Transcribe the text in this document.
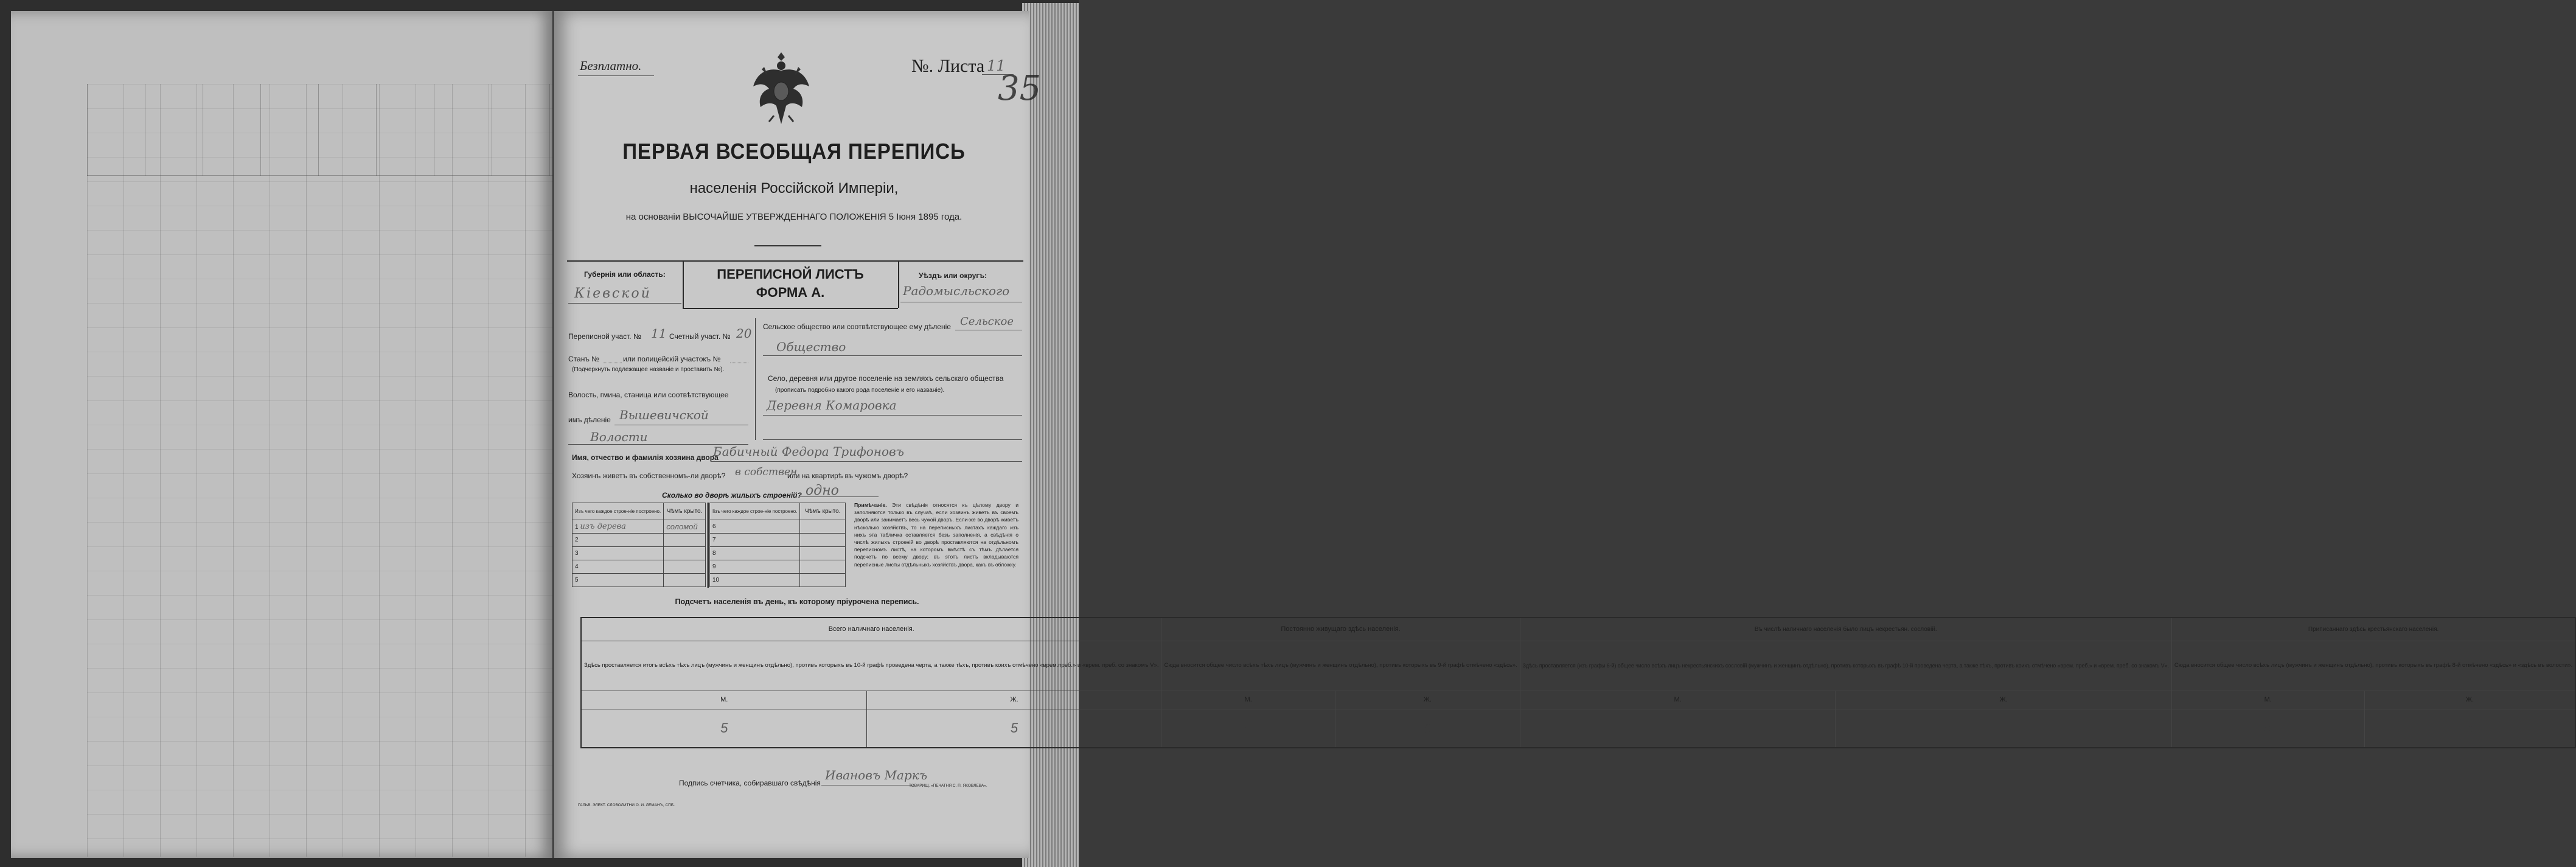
Безплатно.	№. Листа 11
35
ПЕРВАЯ ВСЕОБЩАЯ ПЕРЕПИСЬ
населенія Россійской Имперіи,
на основаніи ВЫСОЧАЙШЕ УТВЕРЖДЕННАГО ПОЛОЖЕНІЯ 5 Іюня 1895 года.
Губернія или область:
Кіевской
ПЕРЕПИСНОЙ ЛИСТЪ
ФОРМА А.
Уѣздъ или округъ:
Радомысльского
Переписной участ. № 11 Счетный участ. № 20
Станъ №	или полицейскій участокъ №
(Подчеркнуть подлежащее названіе и проставить №).
Волость, гмина, станица или соотвѣтствующее
имъ дѣленіе Вышевичской
Волости
Сельское общество или соотвѣтствующее ему дѣленіе Сельское
Общество
Село, деревня или другое поселеніе на земляхъ сельскаго общества
(прописать подробно какого рода поселеніе и его названіе).
Деревня Комаровка
Имя, отчество и фамилія хозяина двора
Бабичный Федора Трифоновъ
Хозяинъ живетъ въ собственномъ-ли дворѣ? в собствен
или на квартирѣ въ чужомъ дворѣ?
Сколько во дворѣ жилыхъ строеній? одно
Изъ чего каждое строе-ніе построено.	Чѣмъ крыто.
1 изъ дерева	соломой
2	
3	
4	
5	
Іізъ чего каждое строе-ніе построено.	Чѣмъ крыто.
6	
7	
8	
9	
10	
Примѣчаніе. Эти свѣдѣнія относятся къ цѣлому двору и заполняются только въ случаѣ, если хозяинъ живетъ въ своемъ дворѣ или занимаетъ весь чужой дворъ. Если-же во дворѣ живетъ нѣсколько хозяйствъ, то на переписныхъ листахъ каждаго изъ нихъ эта табличка оставляется безъ заполненія, а свѣдѣнія о числѣ жилыхъ строеній во дворѣ проставляются на отдѣльномъ переписномъ листѣ, на которомъ вмѣстѣ съ тѣмъ дѣлается подсчетъ по всему двору; въ этотъ листъ вкладываются переписные листы отдѣльныхъ хозяйствъ двора, какъ въ обложку.
Подсчетъ населенія въ день, къ которому пріурочена перепись.
Всего наличнаго населенія.		Постоянно живущаго здѣсь населенія.		Въ числѣ наличнаго населенія было лицъ некрестьян. сословій.		Приписаннаго здѣсь крестьянскаго населенія.	
Здѣсь проставляется итогъ всѣхъ тѣхъ лицъ (мужчинъ и женщинъ отдѣльно), противъ которыхъ въ 10-й графѣ проведена черта, а также тѣхъ, противъ коихъ отмѣчено «врем.преб.» и «врем. преб. со знакомъ V».		Сюда вносится общее число всѣхъ тѣхъ лицъ (мужчинъ и женщинъ отдѣльно), противъ которыхъ въ 9-й графѣ отмѣчено «здѣсь».		Здѣсь проставляется (изъ графы 6-й) общее число всѣхъ лицъ некрестьянскихъ сословій (мужчинъ и женщинъ отдѣльно), противъ которыхъ въ графѣ 10-й проведена черта, а также тѣхъ, противъ коихъ отмѣчено «врем. преб.» и «врем. преб. со знакомъ V».		Сюда вносится общее число всѣхъ лицъ (мужчинъ и женщинъ отдѣльно), противъ которыхъ въ графѣ 8-й отмѣчено «здѣсь» и «здѣсь въ волости».	
М.	Ж.	М.	Ж.	М.	Ж.	М.	Ж.
5	5	5	6			5	6
Подпись счетчика, собиравшаго свѣдѣнія
Ивановъ Маркъ
ГАЛЬВ. ЭЛЕКТ. СЛОВОЛИТНИ О. И. ЛЕМАНЪ, СПБ.
ТОВАРИЩ. «ПЕЧАТНЯ С. П. ЯКОВЛЕВА».
